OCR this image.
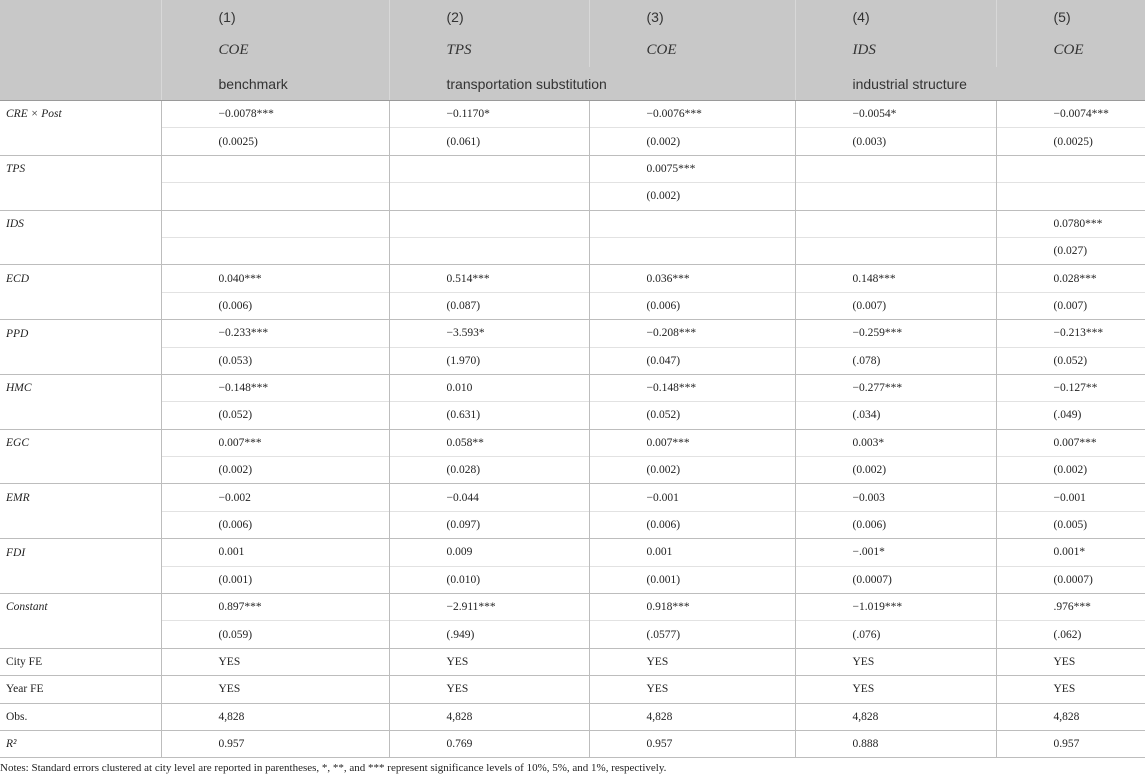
	(1)	(2)	(3)	(4)	(5)
	COE	TPS	COE	IDS	COE
	benchmark	transportation substitution		industrial structure	
CRE × Post	−0.0078***	−0.1170*	−0.0076***	−0.0054*	−0.0074***
	(0.0025)	(0.061)	(0.002)	(0.003)	(0.0025)
TPS			0.0075***		
			(0.002)		
IDS					0.0780***
					(0.027)
ECD	0.040***	0.514***	0.036***	0.148***	0.028***
	(0.006)	(0.087)	(0.006)	(0.007)	(0.007)
PPD	−0.233***	−3.593*	−0.208***	−0.259***	−0.213***
	(0.053)	(1.970)	(0.047)	(.078)	(0.052)
HMC	−0.148***	0.010	−0.148***	−0.277***	−0.127**
	(0.052)	(0.631)	(0.052)	(.034)	(.049)
EGC	0.007***	0.058**	0.007***	0.003*	0.007***
	(0.002)	(0.028)	(0.002)	(0.002)	(0.002)
EMR	−0.002	−0.044	−0.001	−0.003	−0.001
	(0.006)	(0.097)	(0.006)	(0.006)	(0.005)
FDI	0.001	0.009	0.001	−.001*	0.001*
	(0.001)	(0.010)	(0.001)	(0.0007)	(0.0007)
Constant	0.897***	−2.911***	0.918***	−1.019***	.976***
	(0.059)	(.949)	(.0577)	(.076)	(.062)
City FE	YES	YES	YES	YES	YES
Year FE	YES	YES	YES	YES	YES
Obs.	4,828	4,828	4,828	4,828	4,828
R²	0.957	0.769	0.957	0.888	0.957
Notes: Standard errors clustered at city level are reported in parentheses, *, **, and *** represent significance levels of 10%, 5%, and 1%, respectively.
